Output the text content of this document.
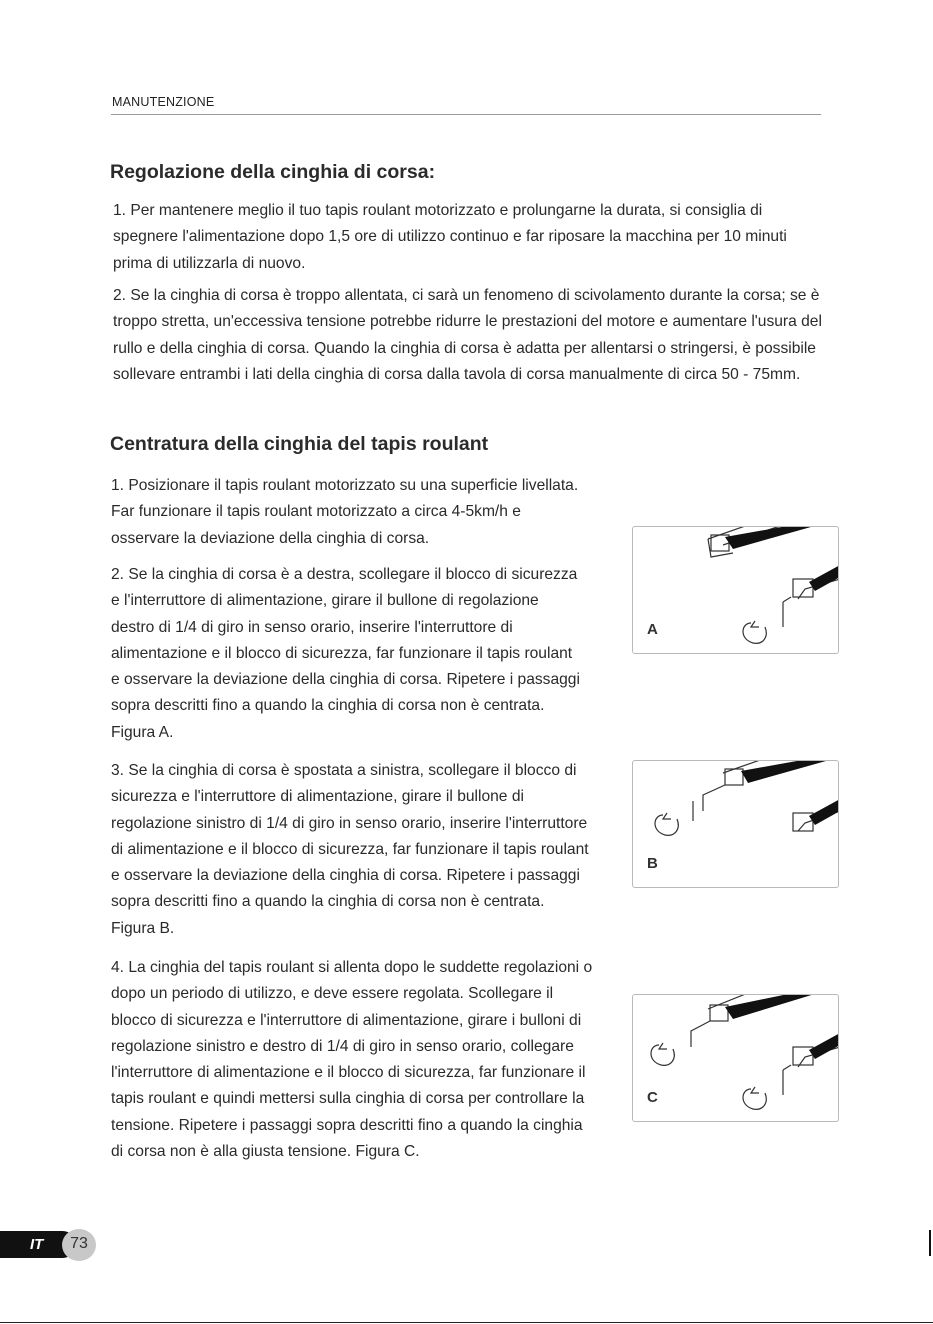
MANUTENZIONE
Regolazione della cinghia di corsa:

1. Per mantenere meglio il tuo tapis roulant motorizzato e prolungarne la durata, si consiglia di spegnere l'alimentazione dopo 1,5 ore di utilizzo continuo e far riposare la macchina per 10 minuti prima di utilizzarla di nuovo.

2. Se la cinghia di corsa è troppo allentata, ci sarà un fenomeno di scivolamento durante la corsa; se è troppo stretta, un'eccessiva tensione potrebbe ridurre le prestazioni del motore e aumentare l'usura del rullo e della cinghia di corsa. Quando la cinghia di corsa è adatta per allentarsi o stringersi, è possibile sollevare entrambi i lati della cinghia di corsa dalla tavola di corsa manualmente di circa 50 - 75mm.

Centratura della cinghia del tapis roulant

1. Posizionare il tapis roulant motorizzato su una superficie livellata. Far funzionare il tapis roulant motorizzato a circa 4-5km/h e osservare la deviazione della cinghia di corsa.

2. Se la cinghia di corsa è a destra, scollegare il blocco di sicurezza e l'interruttore di alimentazione, girare il bullone di regolazione destro di 1/4 di giro in senso orario, inserire l'interruttore di alimentazione e il blocco di sicurezza, far funzionare il tapis roulant e osservare la deviazione della cinghia di corsa. Ripetere i passaggi sopra descritti fino a quando la cinghia di corsa non è centrata. Figura A.

3. Se la cinghia di corsa è spostata a sinistra, scollegare il blocco di sicurezza e l'interruttore di alimentazione, girare il bullone di regolazione sinistro di 1/4 di giro in senso orario, inserire l'interruttore di alimentazione e il blocco di sicurezza, far funzionare il tapis roulant e osservare la deviazione della cinghia di corsa. Ripetere i passaggi sopra descritti fino a quando la cinghia di corsa non è centrata. Figura B.

4. La cinghia del tapis roulant si allenta dopo le suddette regolazioni o dopo un periodo di utilizzo, e deve essere regolata. Scollegare il blocco di sicurezza e l'interruttore di alimentazione, girare i bulloni di regolazione sinistro e destro di 1/4 di giro in senso orario, collegare l'interruttore di alimentazione e il blocco di sicurezza, far funzionare il tapis roulant e quindi mettersi sulla cinghia di corsa per controllare la tensione. Ripetere i passaggi sopra descritti fino a quando la cinghia di corsa non è alla giusta tensione. Figura C.

A
B
C
IT	73
